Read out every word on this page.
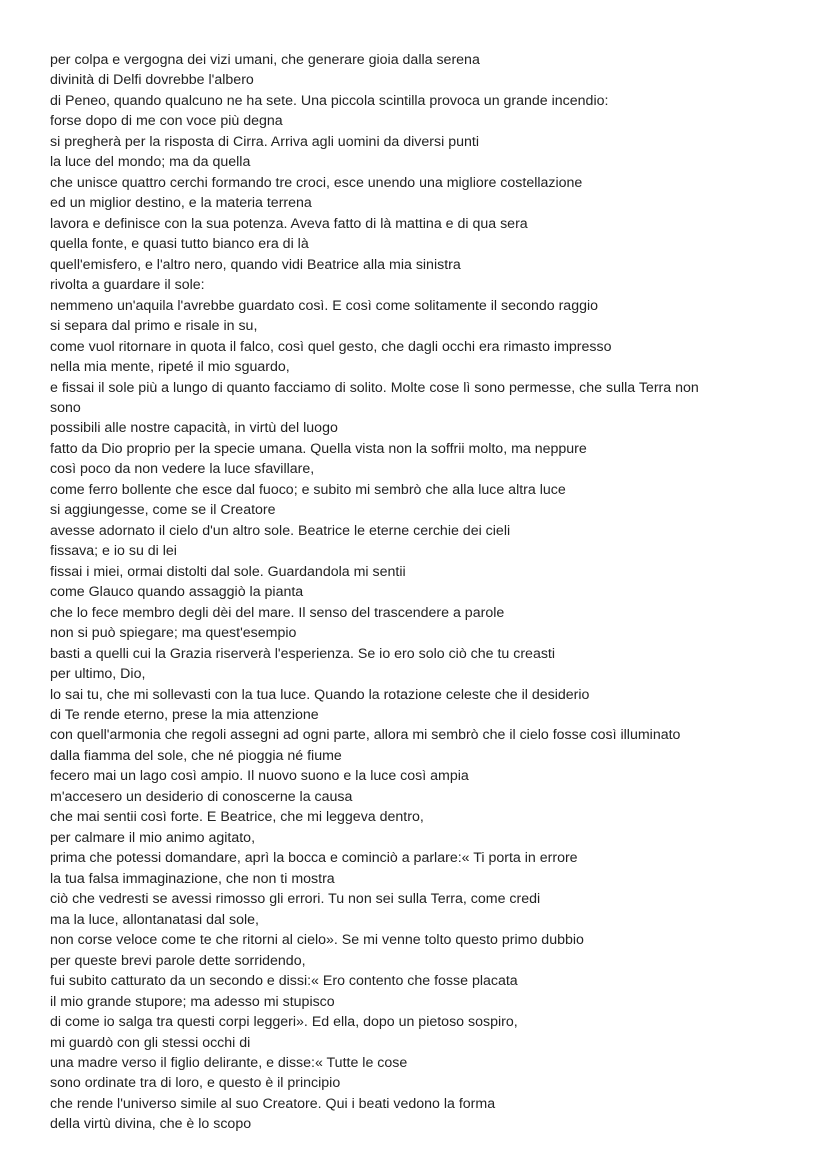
per colpa e vergogna dei vizi umani, che generare gioia dalla serena
divinità di Delfi dovrebbe l'albero
di Peneo, quando qualcuno ne ha sete. Una piccola scintilla provoca un grande incendio:
forse dopo di me con voce più degna
si pregherà per la risposta di Cirra. Arriva agli uomini da diversi punti
la luce del mondo; ma da quella
che unisce quattro cerchi formando tre croci, esce unendo una migliore costellazione
ed un miglior destino, e la materia terrena
lavora e definisce con la sua potenza. Aveva fatto di là mattina e di qua sera
quella fonte, e quasi tutto bianco era di là
quell'emisfero, e l'altro nero, quando vidi Beatrice alla mia sinistra
rivolta a guardare il sole:
nemmeno un'aquila l'avrebbe guardato così. E così come solitamente il secondo raggio
si separa dal primo e risale in su,
come vuol ritornare in quota il falco, così quel gesto, che dagli occhi era rimasto impresso
nella mia mente, ripeté il mio sguardo,
e fissai il sole più a lungo di quanto facciamo di solito. Molte cose lì sono permesse, che sulla Terra non
sono
possibili alle nostre capacità, in virtù del luogo
fatto da Dio proprio per la specie umana. Quella vista non la soffrii molto, ma neppure
così poco da non vedere la luce sfavillare,
come ferro bollente che esce dal fuoco; e subito mi sembrò che alla luce altra luce
si aggiungesse, come se il Creatore
avesse adornato il cielo d'un altro sole. Beatrice le eterne cerchie dei cieli
fissava; e io su di lei
fissai i miei, ormai distolti dal sole. Guardandola mi sentii
come Glauco quando assaggiò la pianta
che lo fece membro degli dèi del mare. Il senso del trascendere a parole
non si può spiegare; ma quest'esempio
basti a quelli cui la Grazia riserverà l'esperienza. Se io ero solo ciò che tu creasti
per ultimo, Dio,
lo sai tu, che mi sollevasti con la tua luce. Quando la rotazione celeste che il desiderio
di Te rende eterno, prese la mia attenzione
con quell'armonia che regoli assegni ad ogni parte, allora mi sembrò che il cielo fosse così illuminato
dalla fiamma del sole, che né pioggia né fiume
fecero mai un lago così ampio. Il nuovo suono e la luce così ampia
m'accesero un desiderio di conoscerne la causa
che mai sentii così forte. E Beatrice, che mi leggeva dentro,
per calmare il mio animo agitato,
prima che potessi domandare, aprì la bocca e cominciò a parlare:« Ti porta in errore
la tua falsa immaginazione, che non ti mostra
ciò che vedresti se avessi rimosso gli errori. Tu non sei sulla Terra, come credi
ma la luce, allontanatasi dal sole,
non corse veloce come te che ritorni al cielo». Se mi venne tolto questo primo dubbio
per queste brevi parole dette sorridendo,
fui subito catturato da un secondo e dissi:« Ero contento che fosse placata
il mio grande stupore; ma adesso mi stupisco
di come io salga tra questi corpi leggeri». Ed ella, dopo un pietoso sospiro,
mi guardò con gli stessi occhi di
una madre verso il figlio delirante, e disse:« Tutte le cose
sono ordinate tra di loro, e questo è il principio
che rende l'universo simile al suo Creatore. Qui i beati vedono la forma
della virtù divina, che è lo scopo
